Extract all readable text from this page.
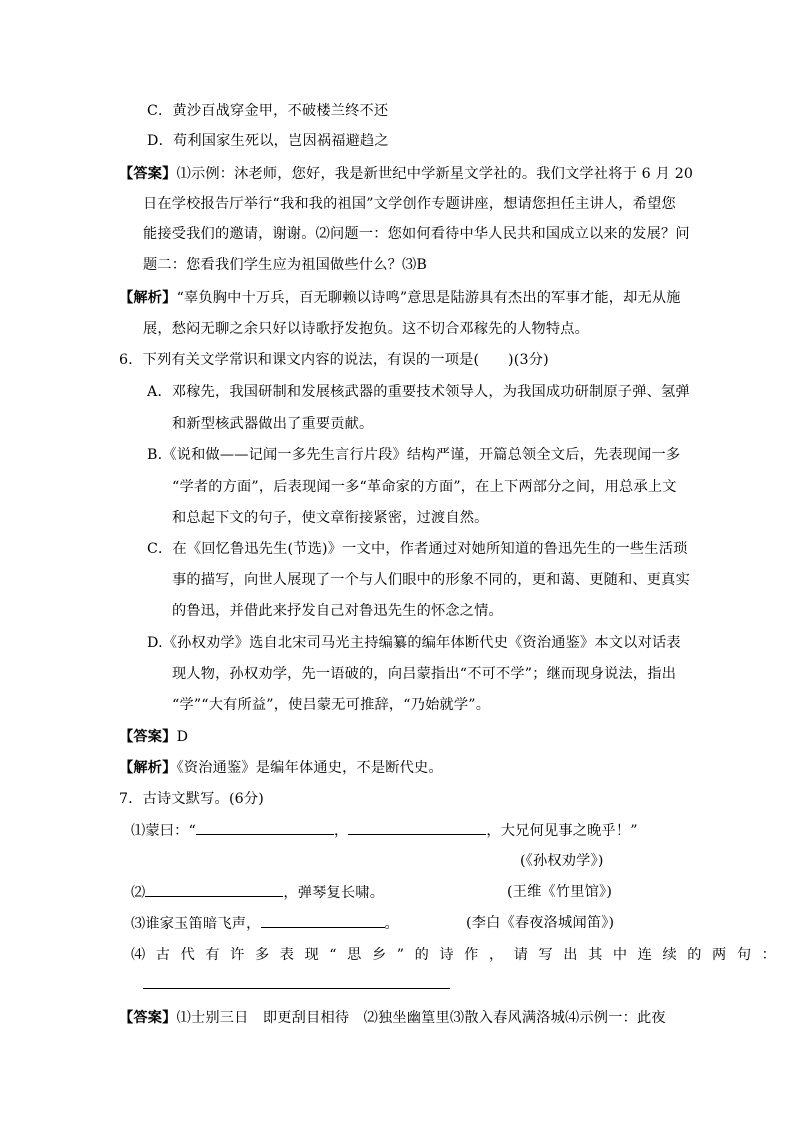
C．黄沙百战穿金甲，不破楼兰终不还
D．苟利国家生死以，岂因祸福避趋之
【答案】⑴示例：沐老师，您好，我是新世纪中学新星文学社的。我们文学社将于 6 月 20
日在学校报告厅举行“我和我的祖国”文学创作专题讲座，想请您担任主讲人，希望您
能接受我们的邀请，谢谢。⑵问题一：您如何看待中华人民共和国成立以来的发展？问
题二：您看我们学生应为祖国做些什么？⑶B
【解析】“辜负胸中十万兵，百无聊赖以诗鸣”意思是陆游具有杰出的军事才能，却无从施
展，愁闷无聊之余只好以诗歌抒发抱负。这不切合邓稼先的人物特点。
6．下列有关文学常识和课文内容的说法，有误的一项是(　　)(3分)
A．邓稼先，我国研制和发展核武器的重要技术领导人，为我国成功研制原子弹、氢弹
和新型核武器做出了重要贡献。
B.《说和做——记闻一多先生言行片段》结构严谨，开篇总领全文后，先表现闻一多
“学者的方面”，后表现闻一多“革命家的方面”，在上下两部分之间，用总承上文
和总起下文的句子，使文章衔接紧密，过渡自然。
C．在《回忆鲁迅先生(节选)》一文中，作者通过对她所知道的鲁迅先生的一些生活琐
事的描写，向世人展现了一个与人们眼中的形象不同的，更和蔼、更随和、更真实
的鲁迅，并借此来抒发自己对鲁迅先生的怀念之情。
D.《孙权劝学》选自北宋司马光主持编纂的编年体断代史《资治通鉴》本文以对话表
现人物，孙权劝学，先一语破的，向吕蒙指出“不可不学”；继而现身说法，指出
“学”“大有所益”，使吕蒙无可推辞，“乃始就学”。
【答案】D
【解析】《资治通鉴》是编年体通史，不是断代史。
7．古诗文默写。(6分)
⑴蒙曰：“	，	，大兄何见事之晚乎！”
(《孙权劝学》)
⑵	，弹琴复长啸。	(王维《竹里馆》)
⑶谁家玉笛暗飞声，	。	(李白《春夜洛城闻笛》)
⑷古代有许多表现“思乡”的诗作，请写出其中连续的两句：
【答案】⑴士别三日　即更刮目相待　⑵独坐幽篁里⑶散入春风满洛城⑷示例一：此夜
